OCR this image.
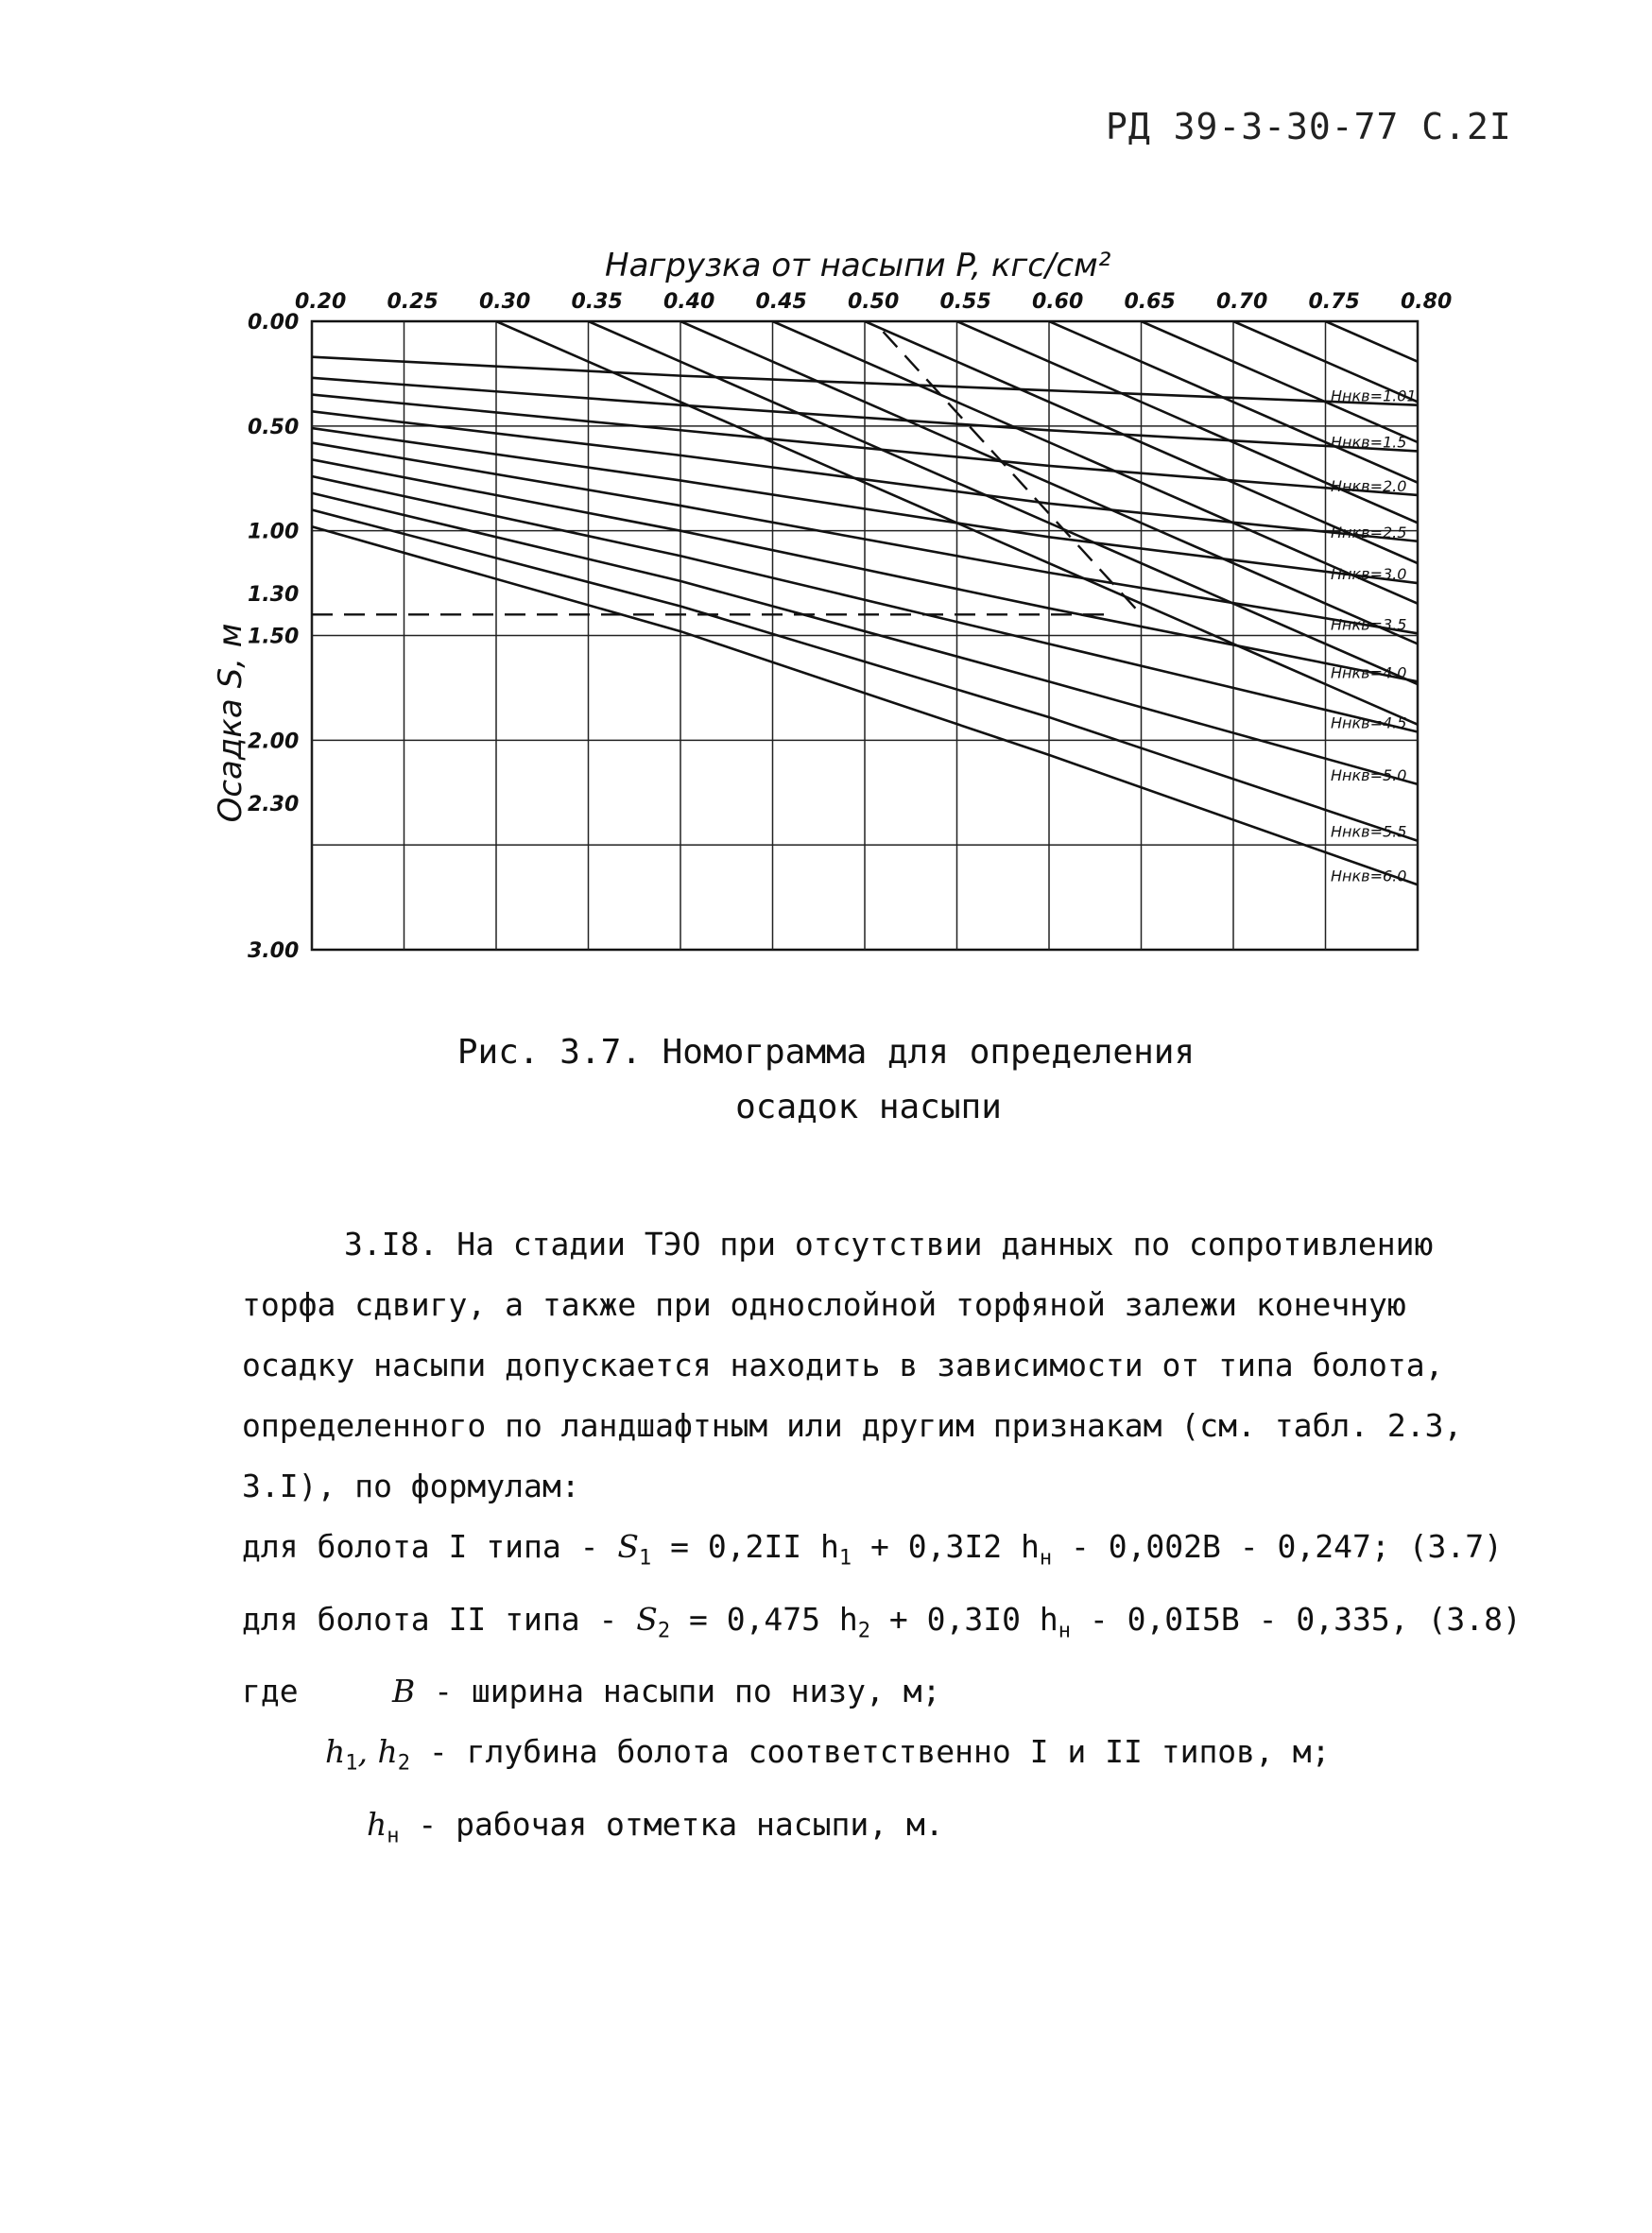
РД 39-3-30-77 С.2I
0.20 0.25 0.30 0.35 0.40 0.45 0.50 0.55 0.60 0.65 0.70 0.75 0.80
0.00
0.50
1.00
1.30
1.50
2.00
2.30
3.00
Hнкв=1.01
Hнкв=1.5
Hнкв=2.0
Hнкв=2.5
Hнкв=3.0
Hнкв=3.5
Hнкв=4.0
Hнкв=4.5
Hнкв=5.0
Hнкв=5.5
Hнкв=6.0
Нагрузка от насыпи P, кгс/см²
Осадка S, м
Рис. 3.7. Номограмма для определения
осадок насыпи

3.I8. На стадии ТЭО при отсутствии данных по сопротивлению

торфа сдвигу, а также при однослойной торфяной залежи конечную

осадку насыпи допускается находить в зависимости от типа болота,

определенного по ландшафтным или другим признакам (см. табл. 2.3,

3.I), по формулам:

для болота I типа - $S_1 = 0,2II$ $h_1 + 0,3I2$ $h_н - 0,002B - 0,247$; (3.7)

для болота II типа - $S_2 = 0,475$ $h_2 + 0,3I0$ $h_н - 0,0I5B - 0,335$, (3.8)

где	B - ширина насыпи по низу, м;

$h_1$, $h_2$ - глубина болота соответственно I и II типов, м;

$h_н$ - рабочая отметка насыпи, м.
